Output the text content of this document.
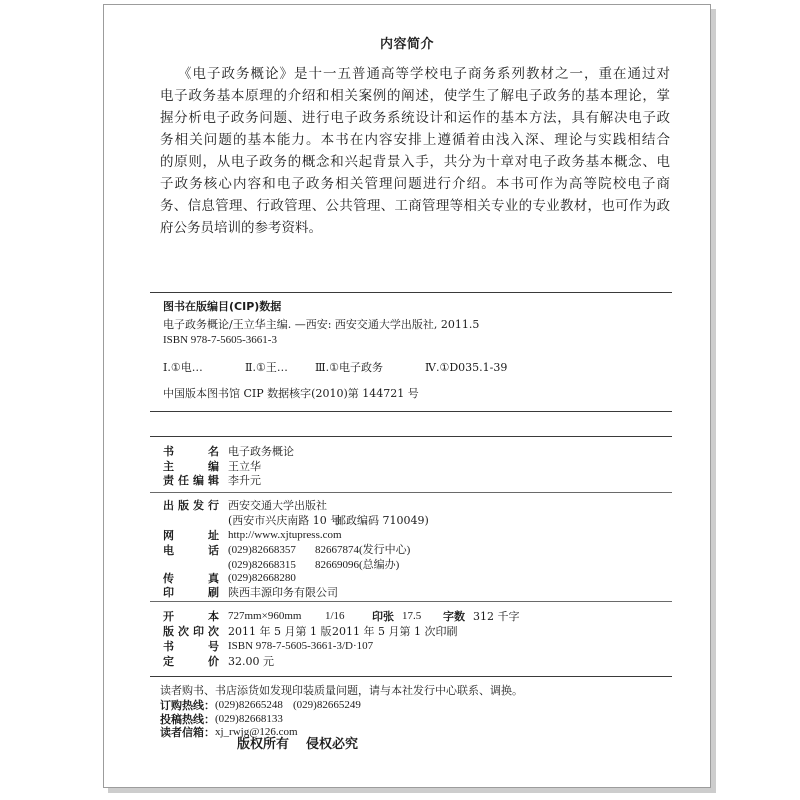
内容简介
《电子政务概论》是十一五普通高等学校电子商务系列教材之一，重在通过对
电子政务基本原理的介绍和相关案例的阐述，使学生了解电子政务的基本理论，掌
握分析电子政务问题、进行电子政务系统设计和运作的基本方法，具有解决电子政
务相关问题的基本能力。本书在内容安排上遵循着由浅入深、理论与实践相结合
的原则，从电子政务的概念和兴起背景入手，共分为十章对电子政务基本概念、电
子政务核心内容和电子政务相关管理问题进行介绍。本书可作为高等院校电子商
务、信息管理、行政管理、公共管理、工商管理等相关专业的专业教材，也可作为政
府公务员培训的参考资料。
图书在版编目(CIP)数据
电子政务概论/王立华主编. —西安: 西安交通大学出版社, 2011.5
ISBN 978-7-5605-3661-3
Ⅰ.①电…	Ⅱ.①王… Ⅲ.①电子政务	Ⅳ.①D035.1-39
中国版本图书馆 CIP 数据核字(2010)第 144721 号
书 名 电子政务概论
主 编 王立华
责任编辑 李升元
出版发行 西安交通大学出版社
(西安市兴庆南路 10 号
邮政编码 710049)
网 址 http://www.xjtupress.com
电 话 (029)82668357 82667874(发行中心)
(029)82668315 82669096(总编办)
传 真 (029)82668280
印 刷 陕西丰源印务有限公司
开 本 727mm×960mm 1/16 印张 17.5 字数 312 千字
版次印次 2011 年 5 月第 1 版 2011 年 5 月第 1 次印刷
书 号 ISBN 978-7-5605-3661-3/D·107
定 价 32.00 元
读者购书、书店添货如发现印装质量问题，请与本社发行中心联系、调换。
订购热线： (029)82665248 (029)82665249
投稿热线： (029)82668133
读者信箱： xj_rwjg@126.com
版权所有 侵权必究
